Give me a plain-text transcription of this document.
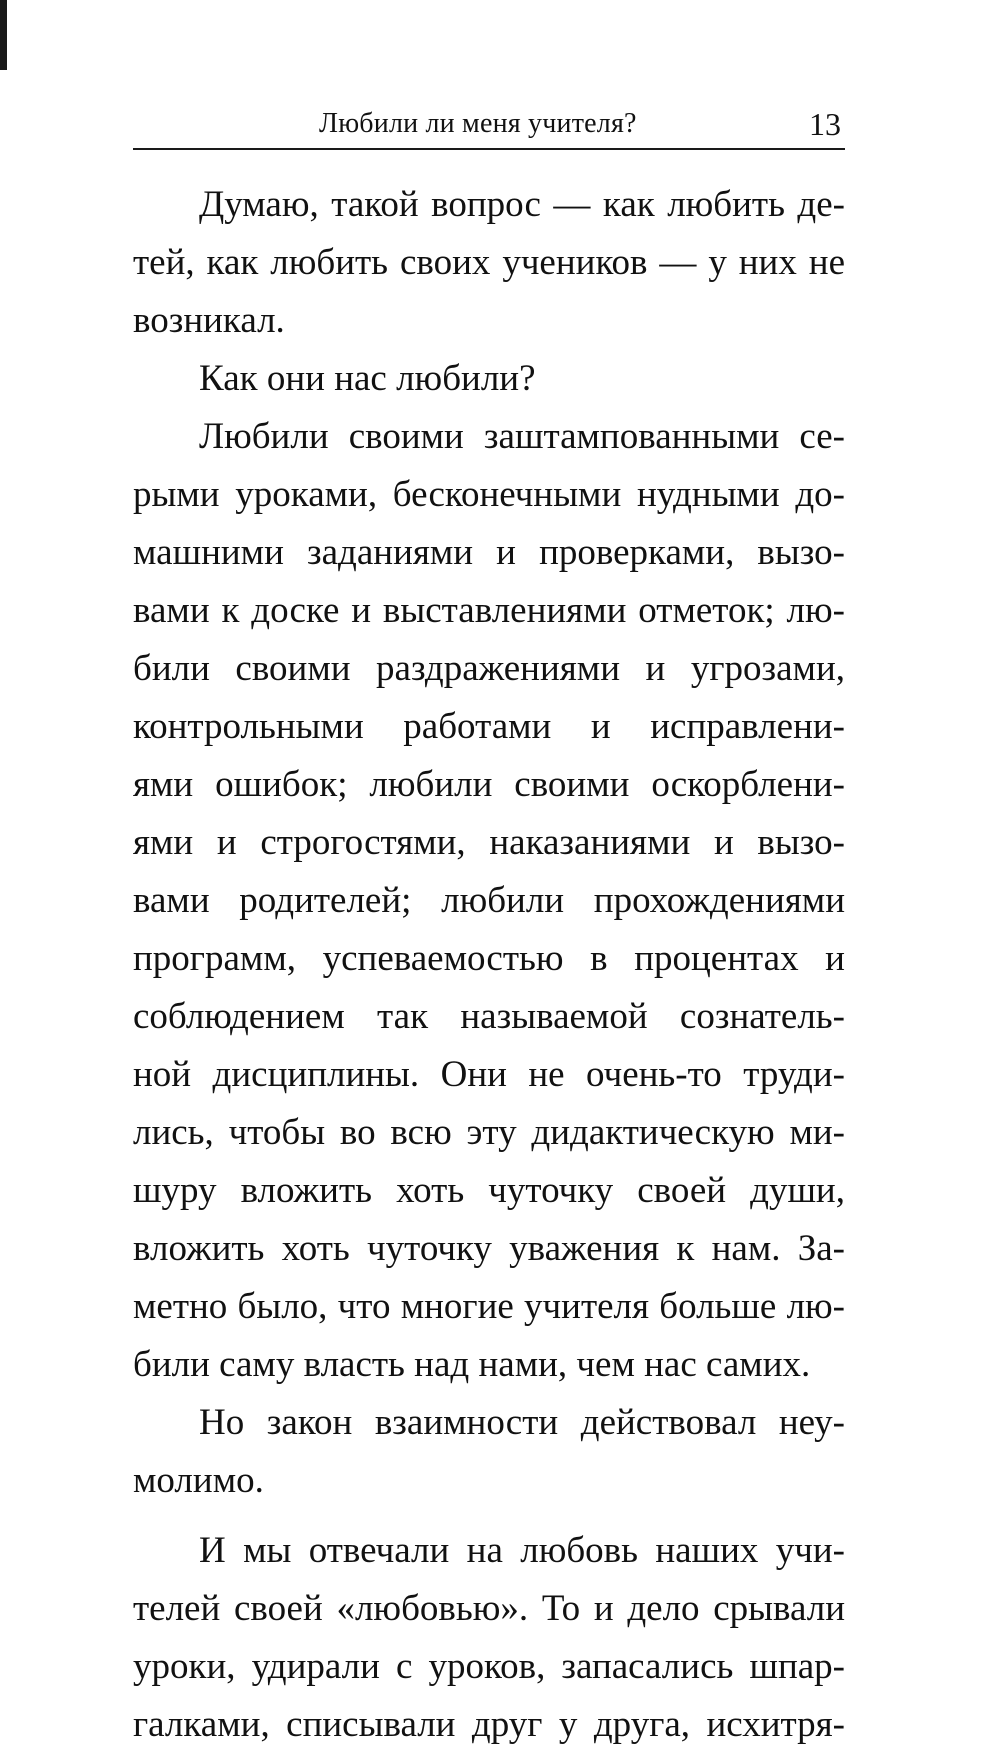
Любили ли меня учителя?	13
Думаю, такой вопрос — как любить де-
тей, как любить своих учеников — у них не
возникал.
Как они нас любили?
Любили своими заштампованными се-
рыми уроками, бесконечными нудными до-
машними заданиями и проверками, вызо-
вами к доске и выставлениями отметок; лю-
били своими раздражениями и угрозами,
контрольными работами и исправлени-
ями ошибок; любили своими оскорблени-
ями и строгостями, наказаниями и вызо-
вами родителей; любили прохождениями
программ, успеваемостью в процентах и
соблюдением так называемой сознатель-
ной дисциплины. Они не очень-то труди-
лись, чтобы во всю эту дидактическую ми-
шуру вложить хоть чуточку своей души,
вложить хоть чуточку уважения к нам. За-
метно было, что многие учителя больше лю-
били саму власть над нами, чем нас самих.
Но закон взаимности действовал неу-
молимо.
И мы отвечали на любовь наших учи-
телей своей «любовью». То и дело срывали
уроки, удирали с уроков, запасались шпар-
галками, списывали друг у друга, исхитря-
